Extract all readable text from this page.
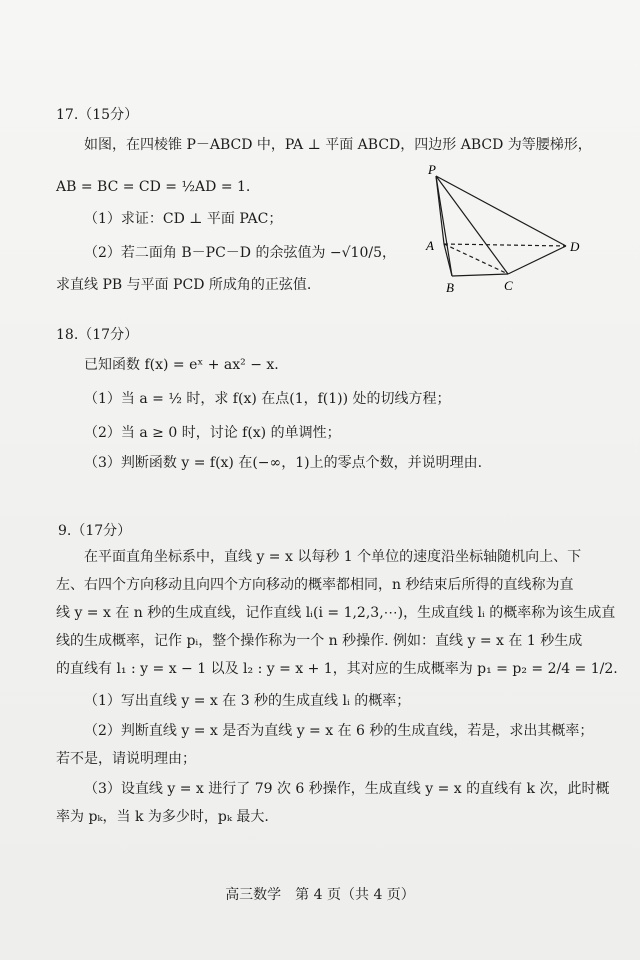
17.（15分）
如图，在四棱锥 P－ABCD 中，PA ⊥ 平面 ABCD，四边形 ABCD 为等腰梯形，
AB = BC = CD = ½AD = 1.
（1）求证：CD ⊥ 平面 PAC；
（2）若二面角 B－PC－D 的余弦值为 −√10/5，
求直线 PB 与平面 PCD 所成角的正弦值.
P
A
B	C
D
18.（17分）
已知函数 f(x) = eˣ + ax² − x.
（1）当 a = ½ 时，求 f(x) 在点(1，f(1)) 处的切线方程；
（2）当 a ≥ 0 时，讨论 f(x) 的单调性；
（3）判断函数 y = f(x) 在(−∞，1)上的零点个数，并说明理由.
9.（17分）
在平面直角坐标系中，直线 y = x 以每秒 1 个单位的速度沿坐标轴随机向上、下
左、右四个方向移动且向四个方向移动的概率都相同，n 秒结束后所得的直线称为直
线 y = x 在 n 秒的生成直线，记作直线 lᵢ(i = 1,2,3,⋯)，生成直线 lᵢ 的概率称为该生成直
线的生成概率，记作 pᵢ，整个操作称为一个 n 秒操作. 例如：直线 y = x 在 1 秒生成
的直线有 l₁ : y = x − 1 以及 l₂ : y = x + 1，其对应的生成概率为 p₁ = p₂ = 2/4 = 1/2.
（1）写出直线 y = x 在 3 秒的生成直线 lᵢ 的概率；
（2）判断直线 y = x 是否为直线 y = x 在 6 秒的生成直线，若是，求出其概率；
若不是，请说明理由；
（3）设直线 y = x 进行了 79 次 6 秒操作，生成直线 y = x 的直线有 k 次，此时概
率为 pₖ，当 k 为多少时，pₖ 最大.
高三数学　第 4 页（共 4 页）
